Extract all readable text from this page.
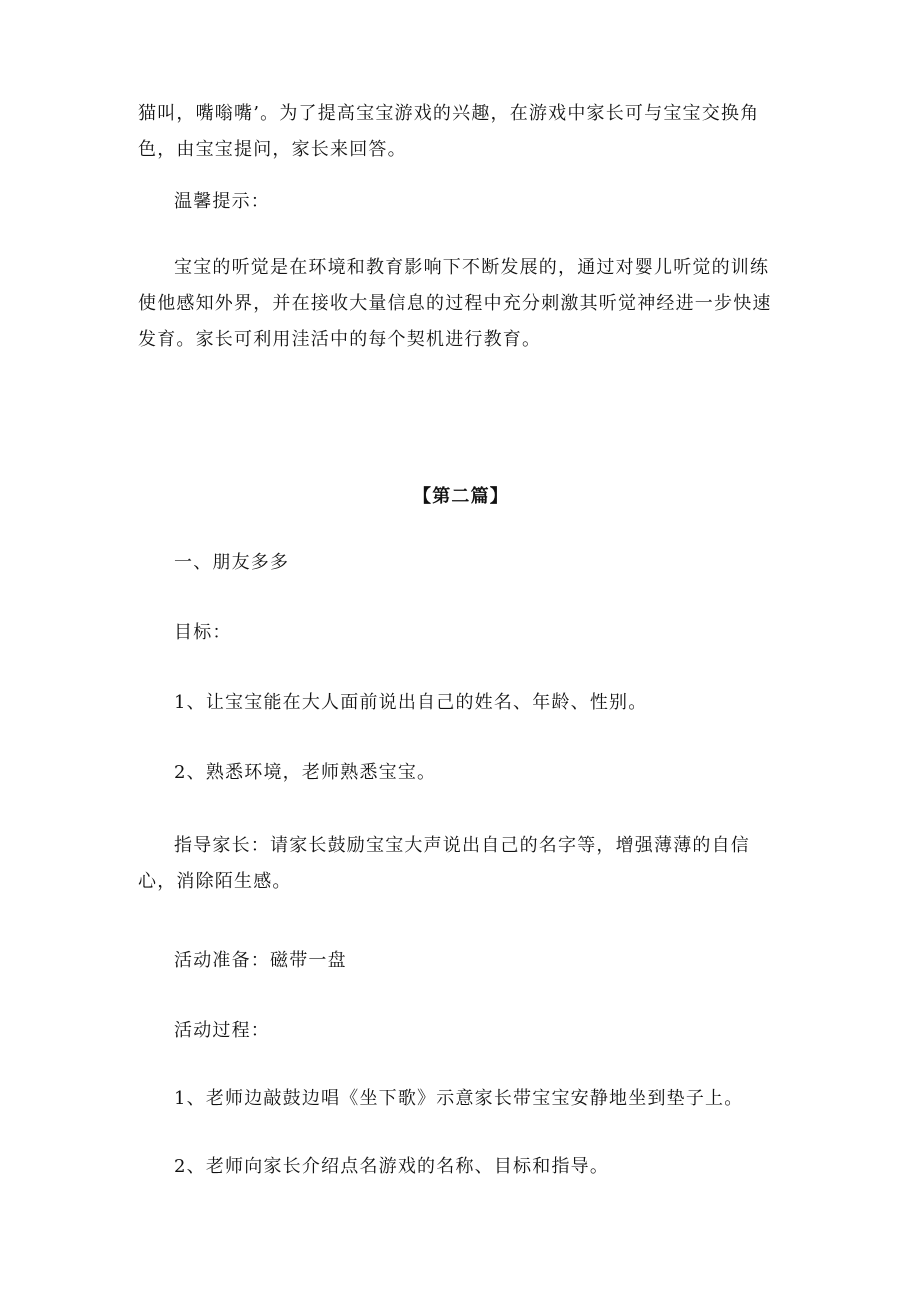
猫叫，嘴嗡嘴’。为了提高宝宝游戏的兴趣，在游戏中家长可与宝宝交换角色，由宝宝提问，家长来回答。

温馨提示：

宝宝的听觉是在环境和教育影响下不断发展的，通过对婴儿听觉的训练使他感知外界，并在接收大量信息的过程中充分刺激其听觉神经进一步快速发育。家长可利用洼活中的每个契机进行教育。

【第二篇】

一、朋友多多

目标：

1、让宝宝能在大人面前说出自己的姓名、年龄、性别。

2、熟悉环境，老师熟悉宝宝。

指导家长：请家长鼓励宝宝大声说出自己的名字等，增强薄薄的自信心，消除陌生感。

活动准备：磁带一盘

活动过程：

1、老师边敲鼓边唱《坐下歌》示意家长带宝宝安静地坐到垫子上。

2、老师向家长介绍点名游戏的名称、目标和指导。
